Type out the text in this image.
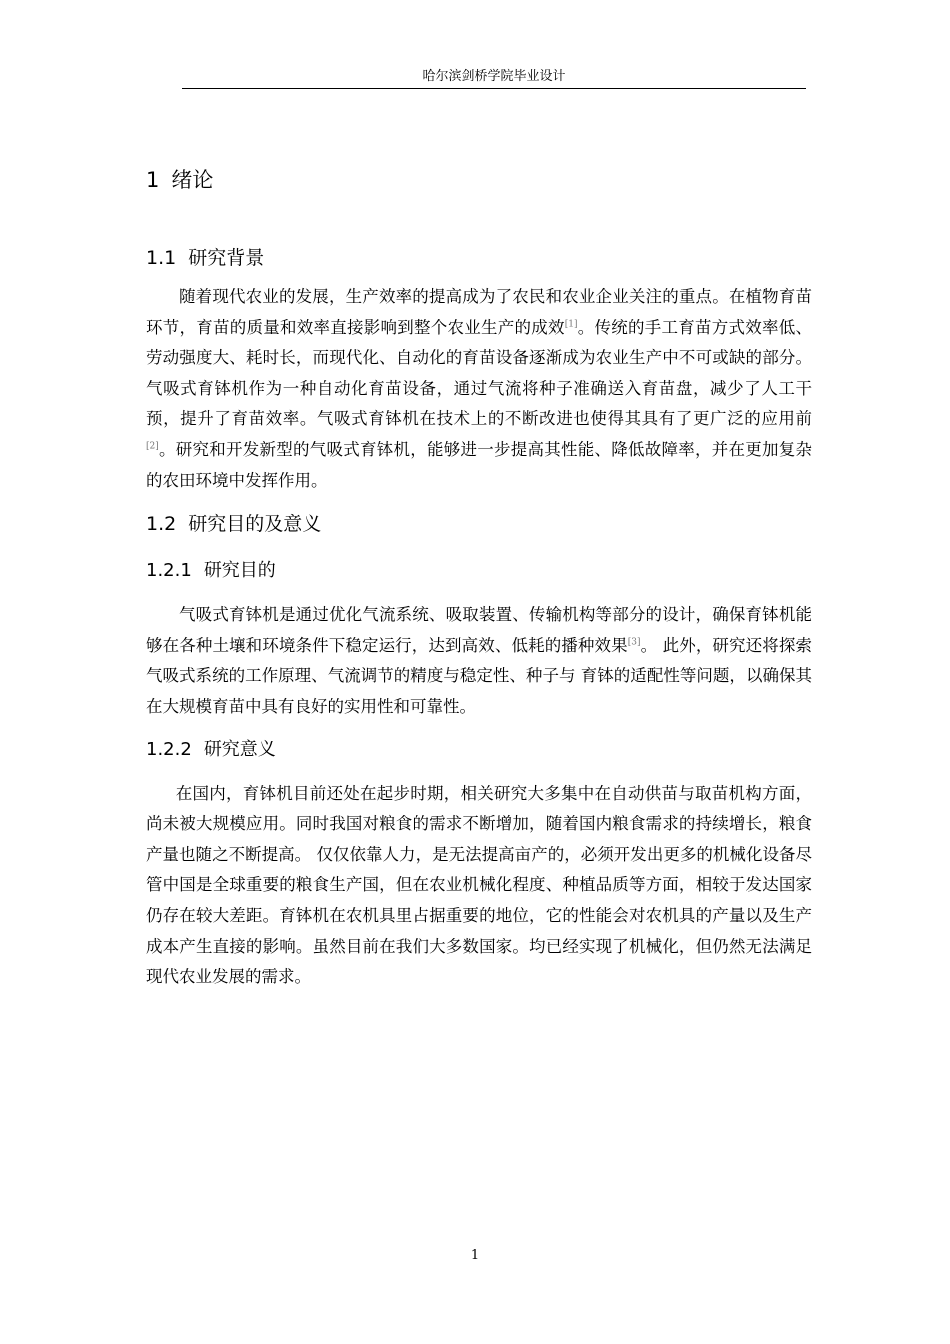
哈尔滨剑桥学院毕业设计
1 绪论
1.1 研究背景

随着现代农业的发展，生产效率的提高成为了农民和农业企业关注的重点。在植物育苗环节，育苗的质量和效率直接影响到整个农业生产的成效[1]。传统的手工育苗方式效率低、劳动强度大、耗时长，而现代化、自动化的育苗设备逐渐成为农业生产中不可或缺的部分。气吸式育钵机作为一种自动化育苗设备，通过气流将种子准确送入育苗盘，减少了人工干预，提升了育苗效率。气吸式育钵机在技术上的不断改进也使得其具有了更广泛的应用前[2]。研究和开发新型的气吸式育钵机，能够进一步提高其性能、降低故障率，并在更加复杂的农田环境中发挥作用。

1.2 研究目的及意义
1.2.1 研究目的

气吸式育钵机是通过优化气流系统、吸取装置、传输机构等部分的设计，确保育钵机能够在各种土壤和环境条件下稳定运行，达到高效、低耗的播种效果[3]。 此外，研究还将探索气吸式系统的工作原理、气流调节的精度与稳定性、种子与 育钵的适配性等问题，以确保其在大规模育苗中具有良好的实用性和可靠性。

1.2.2 研究意义

在国内，育钵机目前还处在起步时期，相关研究大多集中在自动供苗与取苗机构方面，尚未被大规模应用。同时我国对粮食的需求不断增加，随着国内粮食需求的持续增长，粮食产量也随之不断提高。 仅仅依靠人力，是无法提高亩产的，必须开发出更多的机械化设备尽管中国是全球重要的粮食生产国，但在农业机械化程度、种植品质等方面，相较于发达国家仍存在较大差距。育钵机在农机具里占据重要的地位，它的性能会对农机具的产量以及生产成本产生直接的影响。虽然目前在我们大多数国家。均已经实现了机械化，但仍然无法满足现代农业发展的需求。

1
